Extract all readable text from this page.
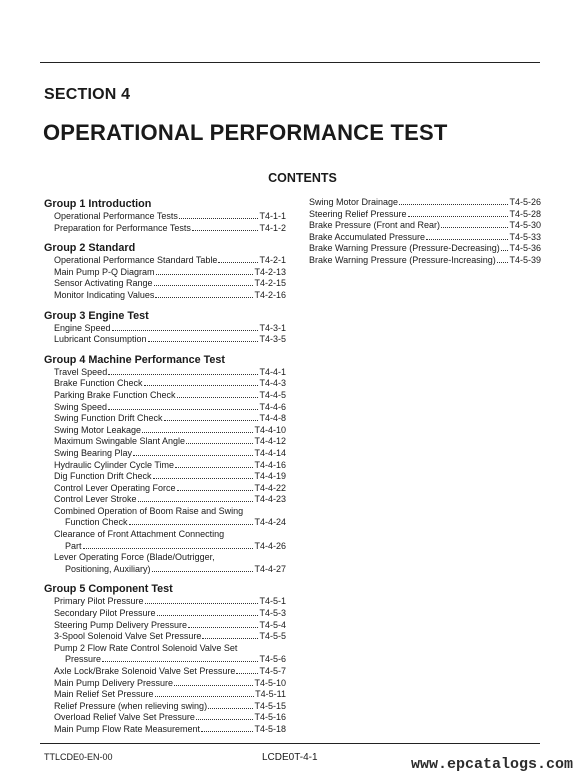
SECTION 4
OPERATIONAL PERFORMANCE TEST
CONTENTS
Group 1 Introduction
Operational Performance Tests	T4-1-1
Preparation for Performance Tests	T4-1-2
Group 2 Standard
Operational Performance Standard Table	T4-2-1
Main Pump P-Q Diagram	T4-2-13
Sensor Activating Range	T4-2-15
Monitor Indicating Values	T4-2-16
Group 3 Engine Test
Engine Speed	T4-3-1
Lubricant Consumption	T4-3-5
Group 4 Machine Performance Test
Travel Speed	T4-4-1
Brake Function Check	T4-4-3
Parking Brake Function Check	T4-4-5
Swing Speed	T4-4-6
Swing Function Drift Check	T4-4-8
Swing Motor Leakage	T4-4-10
Maximum Swingable Slant Angle	T4-4-12
Swing Bearing Play	T4-4-14
Hydraulic Cylinder Cycle Time	T4-4-16
Dig Function Drift Check	T4-4-19
Control Lever Operating Force	T4-4-22
Control Lever Stroke	T4-4-23
Combined Operation of Boom Raise and Swing
Function Check	T4-4-24
Clearance of Front Attachment Connecting
Part	T4-4-26
Lever Operating Force (Blade/Outrigger,
Positioning, Auxiliary)	T4-4-27
Group 5 Component Test
Primary Pilot Pressure	T4-5-1
Secondary Pilot Pressure	T4-5-3
Steering Pump Delivery Pressure	T4-5-4
3-Spool Solenoid Valve Set Pressure	T4-5-5
Pump 2 Flow Rate Control Solenoid Valve Set
Pressure	T4-5-6
Axle Lock/Brake Solenoid Valve Set Pressure	T4-5-7
Main Pump Delivery Pressure	T4-5-10
Main Relief Set Pressure	T4-5-11
Relief Pressure (when relieving swing)	T4-5-15
Overload Relief Valve Set Pressure	T4-5-16
Main Pump Flow Rate Measurement	T4-5-18
Swing Motor Drainage	T4-5-26
Steering Relief Pressure	T4-5-28
Brake Pressure (Front and Rear)	T4-5-30
Brake Accumulated Pressure	T4-5-33
Brake Warning Pressure (Pressure-Decreasing) T4-5-36
Brake Warning Pressure (Pressure-Increasing) T4-5-39
TTLCDE0-EN-00	LCDE0T-4-1	www.epcatalogs.com
